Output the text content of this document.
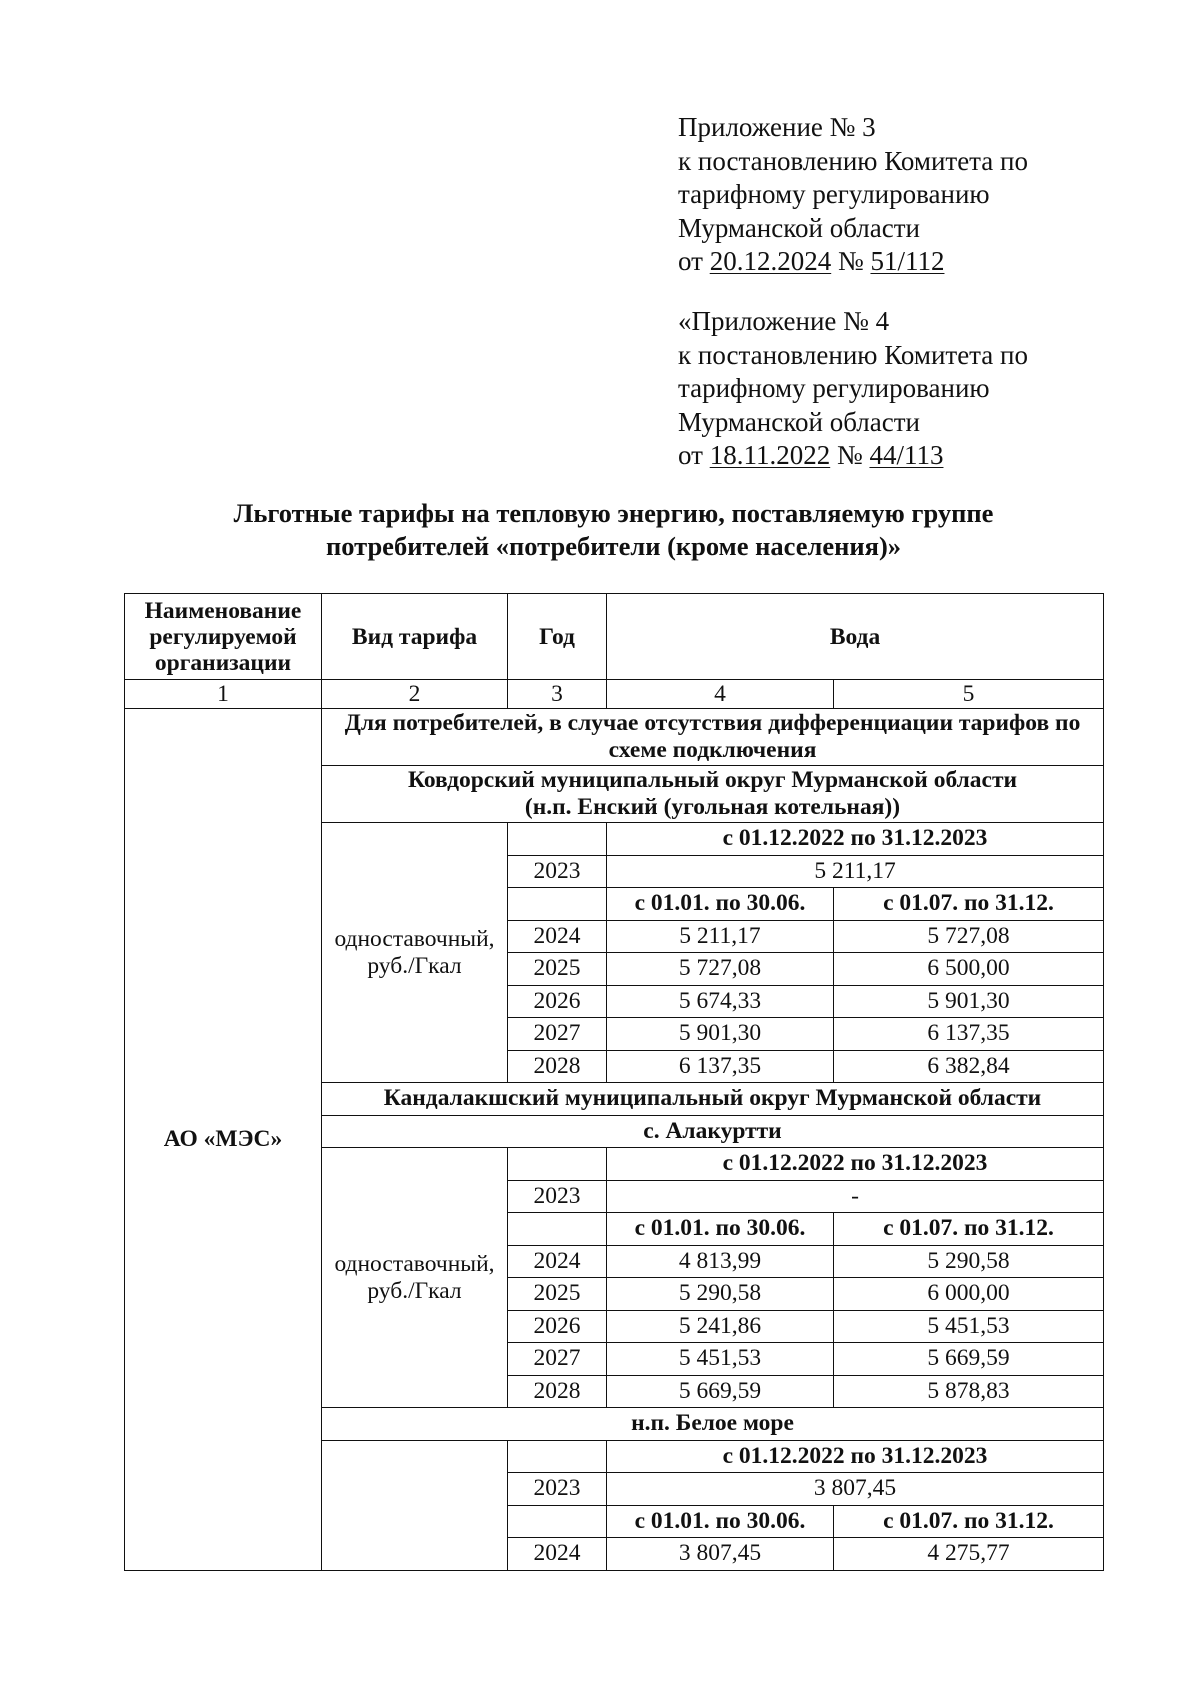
Приложение № 3
к постановлению Комитета по
тарифному регулированию
Мурманской области
от 20.12.2024 № 51/112
«Приложение № 4
к постановлению Комитета по
тарифному регулированию
Мурманской области
от 18.11.2022 № 44/113
Льготные тарифы на тепловую энергию, поставляемую группе
потребителей «потребители (кроме населения)»
Наименование регулируемой организации	Вид тарифа	Год	Вода	
1	2	3	4	5
АО «МЭС»	Для потребителей, в случае отсутствия дифференциации тарифов по схеме подключения			

	Ковдорский муниципальный округ Мурманской области
(н.п. Енский (угольная котельная))			

	одноставочный, руб./Гкал		с 01.12.2022 по 31.12.2023	
		2023	5 211,17	
			с 01.01. по 30.06.	с 01.07. по 31.12.
		2024	5 211,17	5 727,08
		2025	5 727,08	6 500,00
		2026	5 674,33	5 901,30
		2027	5 901,30	6 137,35
		2028	6 137,35	6 382,84
	Кандалакшский муниципальный округ Мурманской области			
	с. Алакуртти			
	одноставочный, руб./Гкал		с 01.12.2022 по 31.12.2023	
		2023	-	
			с 01.01. по 30.06.	с 01.07. по 31.12.
		2024	4 813,99	5 290,58
		2025	5 290,58	6 000,00
		2026	5 241,86	5 451,53
		2027	5 451,53	5 669,59
		2028	5 669,59	5 878,83
	н.п. Белое море			
			с 01.12.2022 по 31.12.2023	
		2023	3 807,45	
			с 01.01. по 30.06.	с 01.07. по 31.12.
		2024	3 807,45	4 275,77
